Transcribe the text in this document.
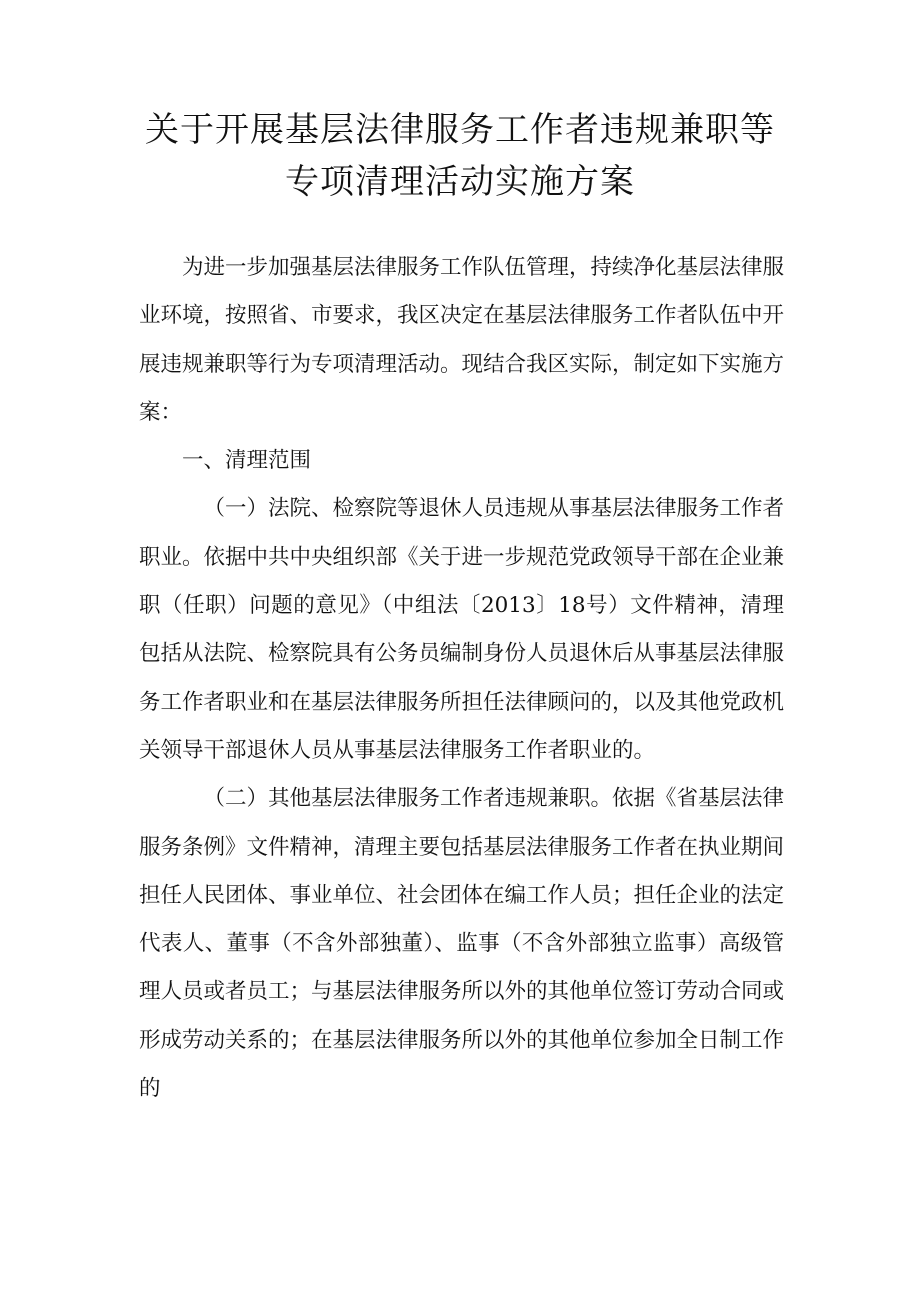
关于开展基层法律服务工作者违规兼职等
专项清理活动实施方案

为进一步加强基层法律服务工作队伍管理，持续净化基层法律服业环境，按照省、市要求，我区决定在基层法律服务工作者队伍中开展违规兼职等行为专项清理活动。现结合我区实际，制定如下实施方案：

一、清理范围

（一）法院、检察院等退休人员违规从事基层法律服务工作者职业。依据中共中央组织部《关于进一步规范党政领导干部在企业兼职（任职）问题的意见》（中组法〔2013〕18号）文件精神，清理包括从法院、检察院具有公务员编制身份人员退休后从事基层法律服务工作者职业和在基层法律服务所担任法律顾问的，以及其他党政机关领导干部退休人员从事基层法律服务工作者职业的。

（二）其他基层法律服务工作者违规兼职。依据《省基层法律服务条例》文件精神，清理主要包括基层法律服务工作者在执业期间担任人民团体、事业单位、社会团体在编工作人员；担任企业的法定代表人、董事（不含外部独董）、监事（不含外部独立监事）高级管理人员或者员工；与基层法律服务所以外的其他单位签订劳动合同或形成劳动关系的；在基层法律服务所以外的其他单位参加全日制工作的
